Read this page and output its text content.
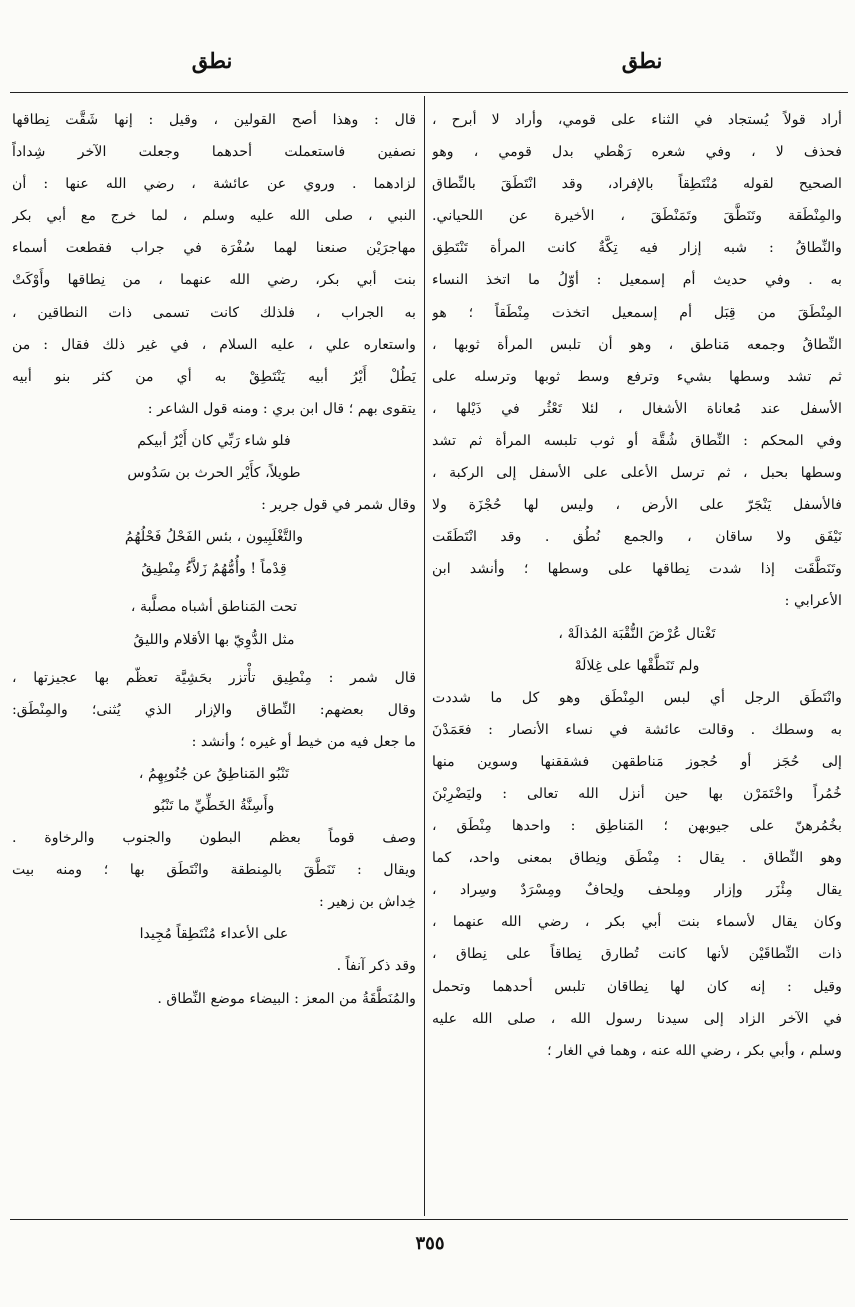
نطق
نطق
أراد قولاً يُستجاد في الثناء على قومي، وأراد لا أبرح ،
فحذف لا ، وفي شعره رَهْطي بدل قومي ، وهو
الصحيح لقوله مُنْتَطِقاً بالإفراد، وقد انْتَطَقَ بالنِّطاق
والمِنْطَقة وتَنَطَّقَ وتَمَنْطَقَ ، الأخيرة عن اللحياني.
والنِّطاقُ : شبه إزار فيه تِكَّةٌ كانت المرأة تَنْتَطِق
به . وفي حديث أم إسمعيل : أوّلُ ما اتخذ النساء
المِنْطَقَ من قِبَل أم إسمعيل اتخذت مِنْطَقاً ؛ هو
النِّطاقُ وجمعه مَناطق ، وهو أن تلبس المرأة ثوبها ،
ثم تشد وسطها بشيء وترفع وسط ثوبها وترسله على
الأسفل عند مُعاناة الأشغال ، لئلا تَعْثُر في ذَيْلها ،
وفي المحكم : النِّطاق شُقَّة أو ثوب تلبسه المرأة ثم تشد
وسطها بحبل ، ثم ترسل الأعلى على الأسفل إلى الركبة ،
فالأسفل يَنْجَرّ على الأرض ، وليس لها حُجْزَة ولا
نَيْفَق ولا ساقان ، والجمع نُطُق . وقد انْتَطَقَت
وتَنَطَّقَت إذا شدت نِطاقها على وسطها ؛ وأنشد ابن
الأعرابي :
تَغْتال عُرْضَ النُّقْبَة المُذالَهْ ،
ولم تَنَطَّقْها على غِلالَهْ
وانْتَطَق الرجل أي لبس المِنْطَق وهو كل ما شددت
به وسطك . وقالت عائشة في نساء الأنصار : فعَمَدْنَ
إلى حُجَز أو حُجوز مَناطقهن فشققنها وسوين منها
خُمُراً واخْتَمَرْن بها حين أنزل الله تعالى : وليَضْرِبْنَ
بخُمُرهنّ على جيوبهن ؛ المَناطِق : واحدها مِنْطَق ،
وهو النِّطاق . يقال : مِنْطَق ونِطاق بمعنى واحد، كما
يقال مِئْزَر وإزار ومِلحف ولِحافٌ ومِسْرَدٌ وسِراد ،
وكان يقال لأسماء بنت أبي بكر ، رضي الله عنهما ،
ذات النِّطاقَيْن لأنها كانت تُطارق نِطاقاً على نِطاق ،
وقيل : إنه كان لها نِطاقان تلبس أحدهما وتحمل
في الآخر الزاد إلى سيدنا رسول الله ، صلى الله عليه
وسلم ، وأبي بكر ، رضي الله عنه ، وهما في الغار ؛
قال : وهذا أصح القولين ، وقيل : إنها شَقَّت نِطاقها
نصفين فاستعملت أحدهما وجعلت الآخر شِداداً
لزادهما . وروي عن عائشة ، رضي الله عنها : أن
النبي ، صلى الله عليه وسلم ، لما خرج مع أبي بكر
مهاجرَيْن صنعنا لهما سُفْرَة في جراب فقطعت أسماء
بنت أبي بكر، رضي الله عنهما ، من نِطاقها وأَوْكَتْ
به الجراب ، فلذلك كانت تسمى ذات النطاقين ،
واستعاره علي ، عليه السلام ، في غير ذلك فقال : من
يَطُلْ أَيْرُ أبيه يَنْتَطِقْ به أي من كثر بنو أبيه
يتقوى بهم ؛ قال ابن بري : ومنه قول الشاعر :
فلو شاء رَبِّي كان أَيْرُ أبيكم
طويلاً، كأَيْر الحرث بن سَدُوس
وقال شمر في قول جرير :
والتَّغْلَبِيون ، بئس الفَحْلُ فَحْلُهُمُ
قِدْماً ! وأُمُّهُمُ زَلاَّءُ مِنْطِيقُ
تحت المَناطق أشباه مصلَّبة ،
مثل الدُّوِيّ بها الأقلام والليقُ
قال شمر : مِنْطِيق تأْتزر بحَشِيَّة تعظّم بها عجيزتها ،
وقال بعضهم: النِّطاق والإزار الذي يُثنى؛ والمِنْطَق:
ما جعل فيه من خيط أو غيره ؛ وأنشد :
تَنْبُو المَناطِقُ عن جُنُوبِهِمُ ،
وأَسِنَّةُ الخَطِّيِّ ما تَنْبُو
وصف قوماً بعظم البطون والجنوب والرخاوة .
ويقال : تَنَطَّقَ بالمِنطقة وانْتَطَق بها ؛ ومنه بيت
خِداش بن زهير :
على الأعداء مُنْتَطِقاً مُجِيدا
وقد ذكر آنفاً .
والمُنَطَّقَةُ من المعز : البيضاء موضع النِّطاق .
٣٥٥
